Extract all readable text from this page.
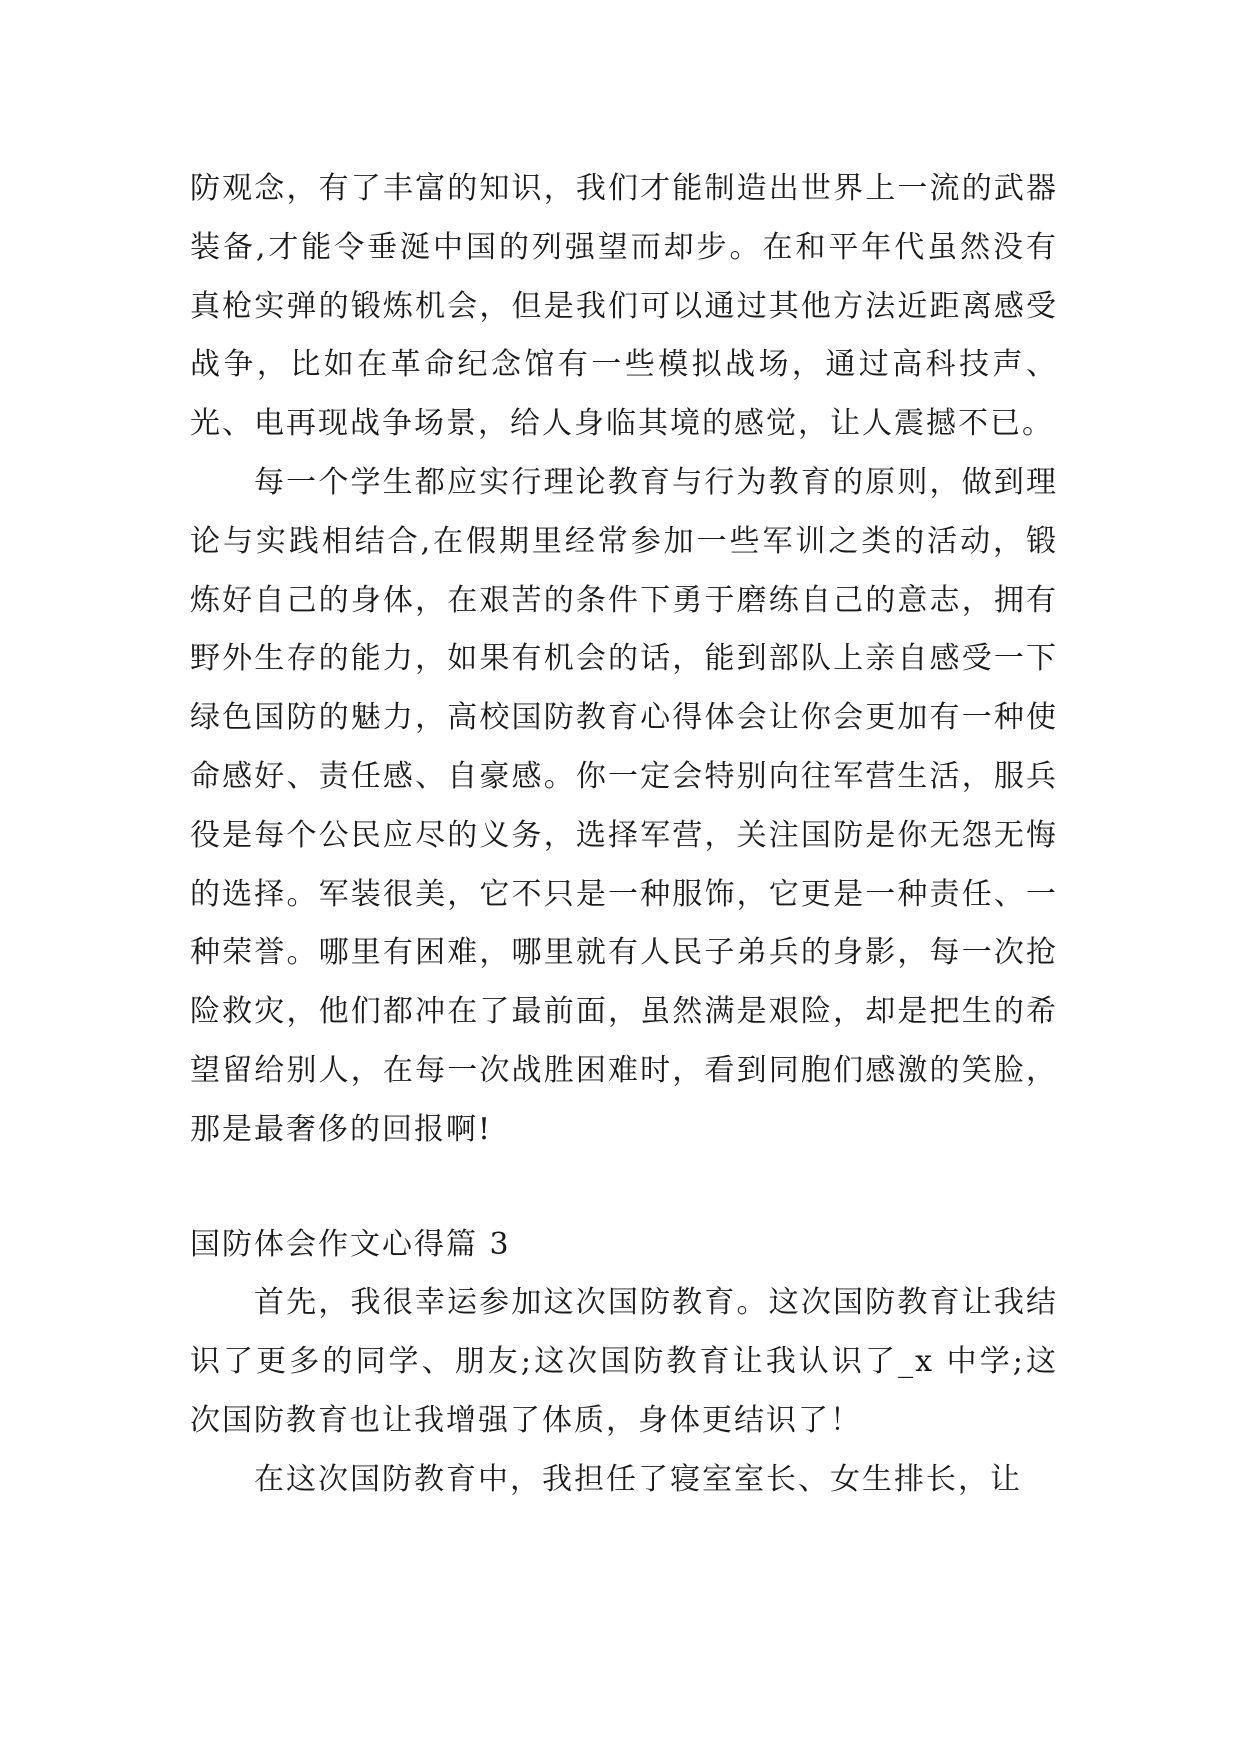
防观念，有了丰富的知识，我们才能制造出世界上一流的武器装备,才能令垂涎中国的列强望而却步。在和平年代虽然没有真枪实弹的锻炼机会，但是我们可以通过其他方法近距离感受战争，比如在革命纪念馆有一些模拟战场，通过高科技声、光、电再现战争场景，给人身临其境的感觉，让人震撼不已。

每一个学生都应实行理论教育与行为教育的原则，做到理论与实践相结合,在假期里经常参加一些军训之类的活动，锻炼好自己的身体，在艰苦的条件下勇于磨练自己的意志，拥有野外生存的能力，如果有机会的话，能到部队上亲自感受一下绿色国防的魅力，高校国防教育心得体会让你会更加有一种使命感好、责任感、自豪感。你一定会特别向往军营生活，服兵役是每个公民应尽的义务，选择军营，关注国防是你无怨无悔的选择。军装很美，它不只是一种服饰，它更是一种责任、一种荣誉。哪里有困难，哪里就有人民子弟兵的身影，每一次抢险救灾，他们都冲在了最前面，虽然满是艰险，却是把生的希望留给别人，在每一次战胜困难时，看到同胞们感激的笑脸，那是最奢侈的回报啊!

国防体会作文心得篇 3

首先，我很幸运参加这次国防教育。这次国防教育让我结识了更多的同学、朋友;这次国防教育让我认识了_x 中学;这次国防教育也让我增强了体质，身体更结识了！

在这次国防教育中，我担任了寝室室长、女生排长，让
